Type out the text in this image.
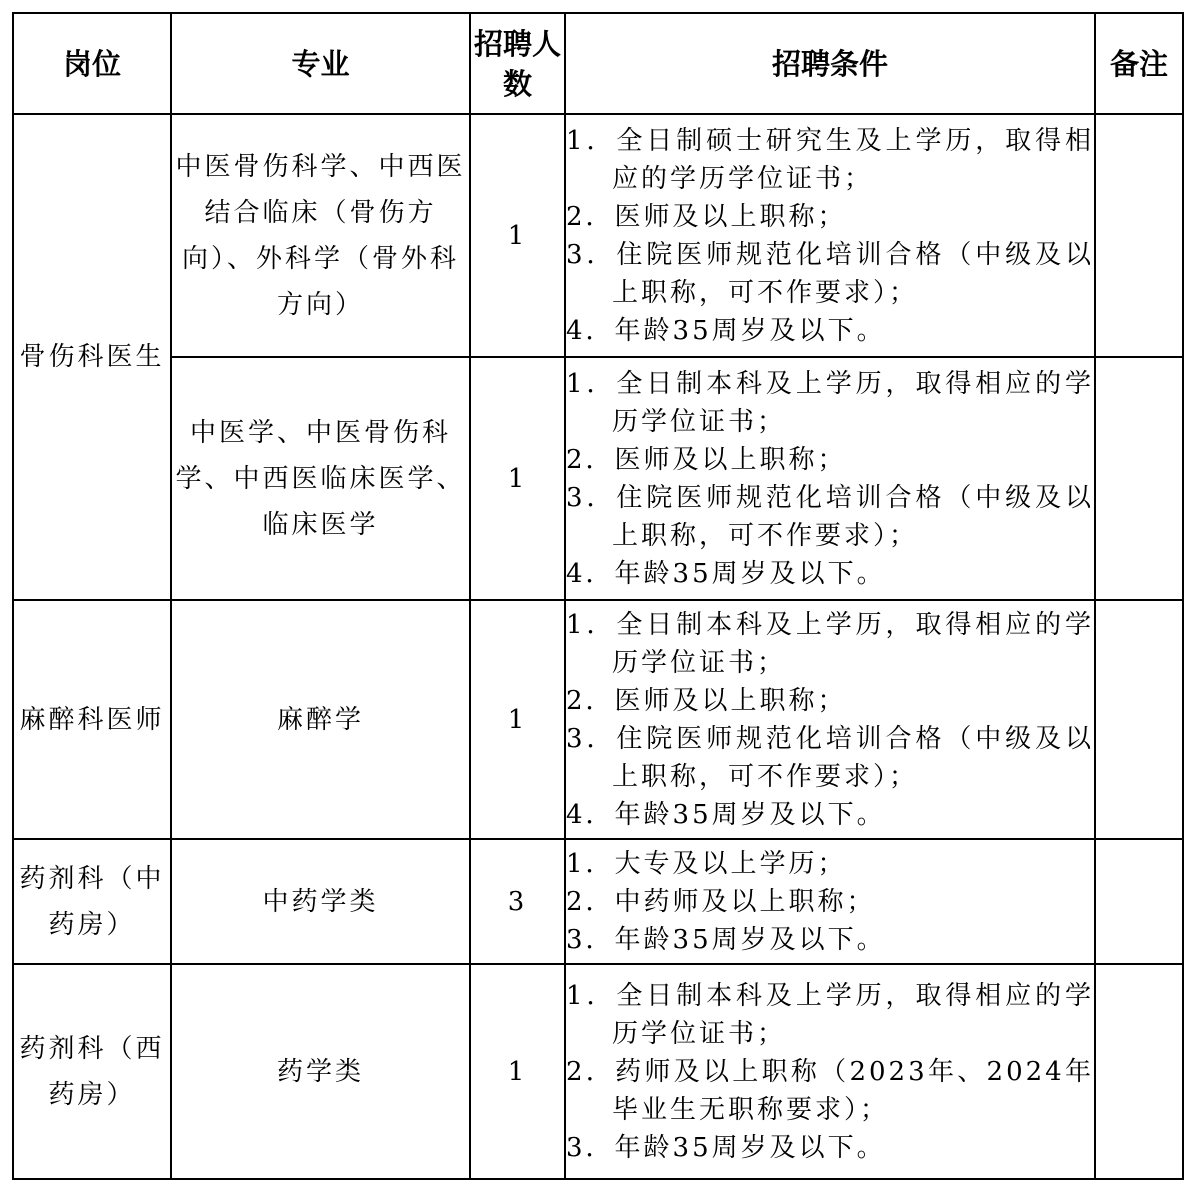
岗位	专业	招聘人数	招聘条件	备注
骨伤科医生	中医骨伤科学、中西医结合临床（骨伤方向）、外科学（骨外科方向）	1	1．全日制硕士研究生及上学历，取得相应的学历学位证书；
2．医师及以上职称；
3．住院医师规范化培训合格（中级及以上职称，可不作要求）；
4．年龄35周岁及以下。	

	中医学、中医骨伤科学、中西医临床医学、临床医学	1	1．全日制本科及上学历，取得相应的学历学位证书；
2．医师及以上职称；
3．住院医师规范化培训合格（中级及以上职称，可不作要求）；
4．年龄35周岁及以下。	

麻醉科医师	麻醉学	1	1．全日制本科及上学历，取得相应的学历学位证书；
2．医师及以上职称；
3．住院医师规范化培训合格（中级及以上职称，可不作要求）；
4．年龄35周岁及以下。	

药剂科（中药房）	中药学类	3	1．大专及以上学历；
2．中药师及以上职称；
3．年龄35周岁及以下。	

药剂科（西药房）	药学类	1	1．全日制本科及上学历，取得相应的学历学位证书；
2．药师及以上职称（2023年、2024年毕业生无职称要求）；
3．年龄35周岁及以下。	
